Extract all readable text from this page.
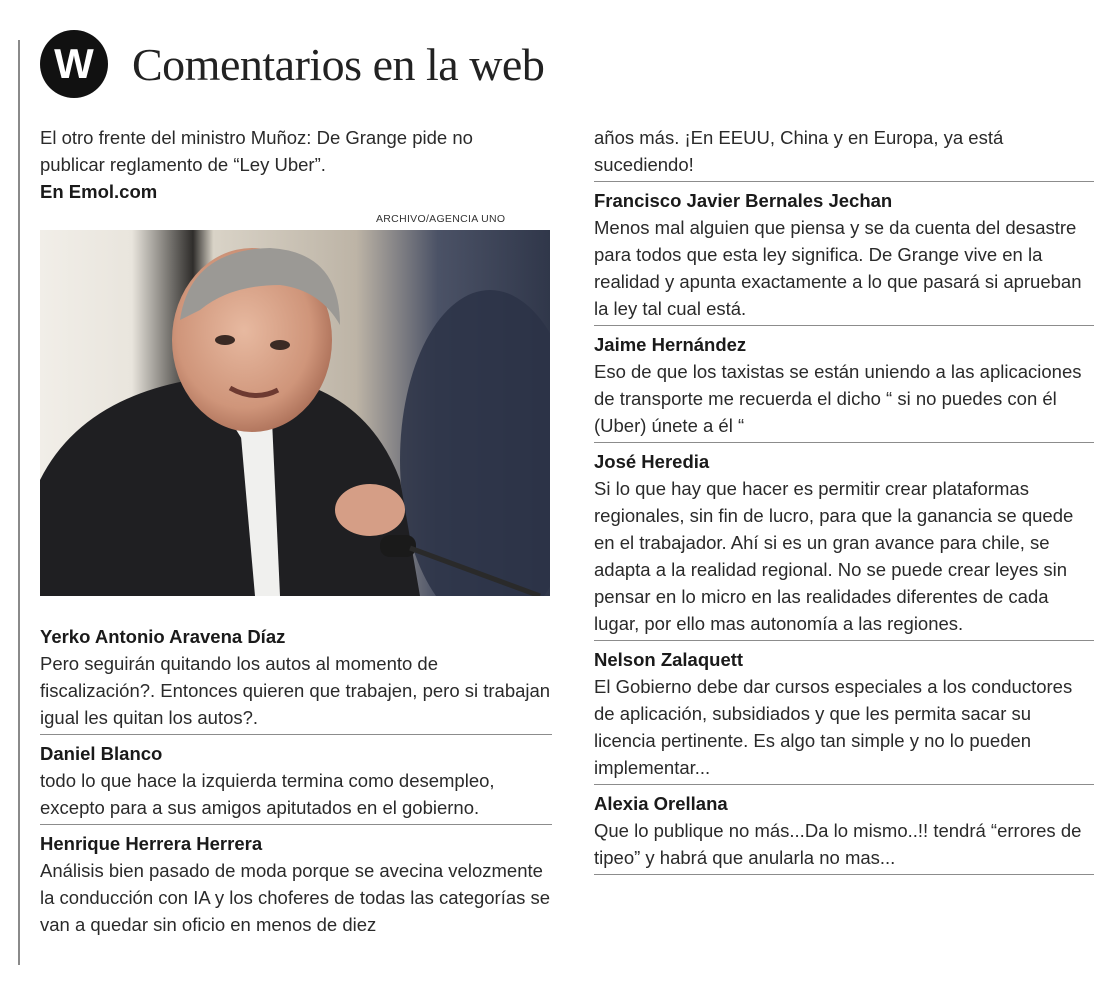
W Comentarios en la web
El otro frente del ministro Muñoz: De Grange pide no publicar reglamento de “Ley Uber”.
En Emol.com
ARCHIVO/AGENCIA UNO
Yerko Antonio Aravena Díaz
Pero seguirán quitando los autos al momento de fiscalización?. Entonces quieren que trabajen, pero si trabajan igual les quitan los autos?.
Daniel Blanco
todo lo que hace la izquierda termina como desempleo, excepto para a sus amigos apitutados en el gobierno.
Henrique Herrera Herrera
Análisis bien pasado de moda porque se avecina velozmente la conducción con IA y los choferes de todas las categorías se van a quedar sin oficio en menos de diez
años más. ¡En EEUU, China y en Europa, ya está sucediendo!
Francisco Javier Bernales Jechan
Menos mal alguien que piensa y se da cuenta del desastre para todos que esta ley significa. De Grange vive en la realidad y apunta exactamente a lo que pasará si aprueban la ley tal cual está.
Jaime Hernández
Eso de que los taxistas se están uniendo a las aplicaciones de transporte me recuerda el dicho “ si no puedes con él (Uber) únete a él “
José Heredia
Si lo que hay que hacer es permitir crear plataformas regionales, sin fin de lucro, para que la ganancia se quede en el trabajador. Ahí si es un gran avance para chile, se adapta a la realidad regional. No se puede crear leyes sin pensar en lo micro en las realidades diferentes de cada lugar, por ello mas autonomía a las regiones.
Nelson Zalaquett
El Gobierno debe dar cursos especiales a los conductores de aplicación, subsidiados y que les permita sacar su licencia pertinente. Es algo tan simple y no lo pueden implementar...
Alexia Orellana
Que lo publique no más...Da lo mismo..!! tendrá “errores de tipeo” y habrá que anularla no mas...
